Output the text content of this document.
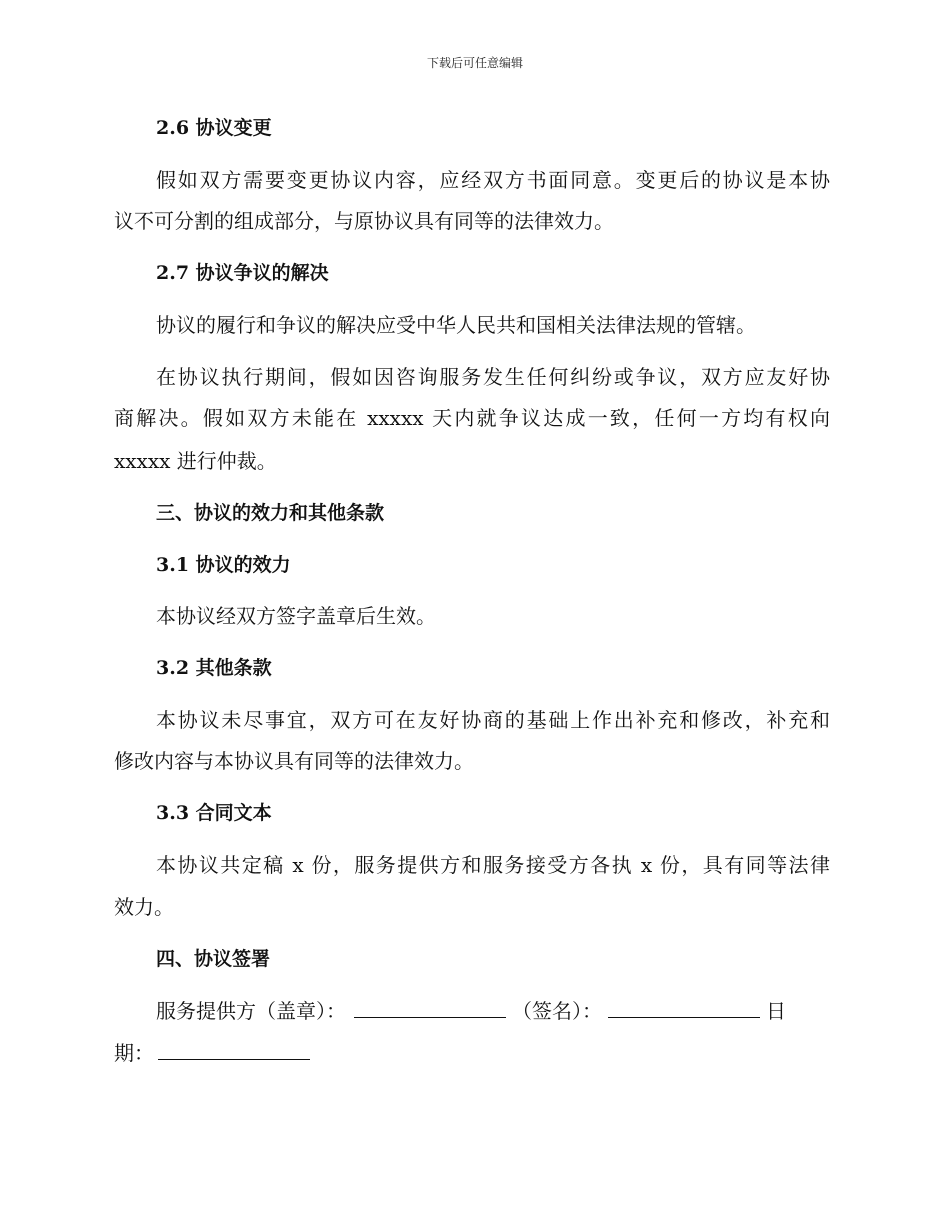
下载后可任意编辑
2.6 协议变更
假如双方需要变更协议内容，应经双方书面同意。变更后的协议是本协
议不可分割的组成部分，与原协议具有同等的法律效力。
2.7 协议争议的解决
协议的履行和争议的解决应受中华人民共和国相关法律法规的管辖。
在协议执行期间，假如因咨询服务发生任何纠纷或争议，双方应友好协
商解决。假如双方未能在 xxxxx 天内就争议达成一致，任何一方均有权向
xxxxx 进行仲裁。
三、协议的效力和其他条款
3.1 协议的效力
本协议经双方签字盖章后生效。
3.2 其他条款
本协议未尽事宜，双方可在友好协商的基础上作出补充和修改，补充和
修改内容与本协议具有同等的法律效力。
3.3 合同文本
本协议共定稿 x 份，服务提供方和服务接受方各执 x 份，具有同等法律
效力。
四、协议签署
服务提供方（盖章）：	（签名）：	日
期：
